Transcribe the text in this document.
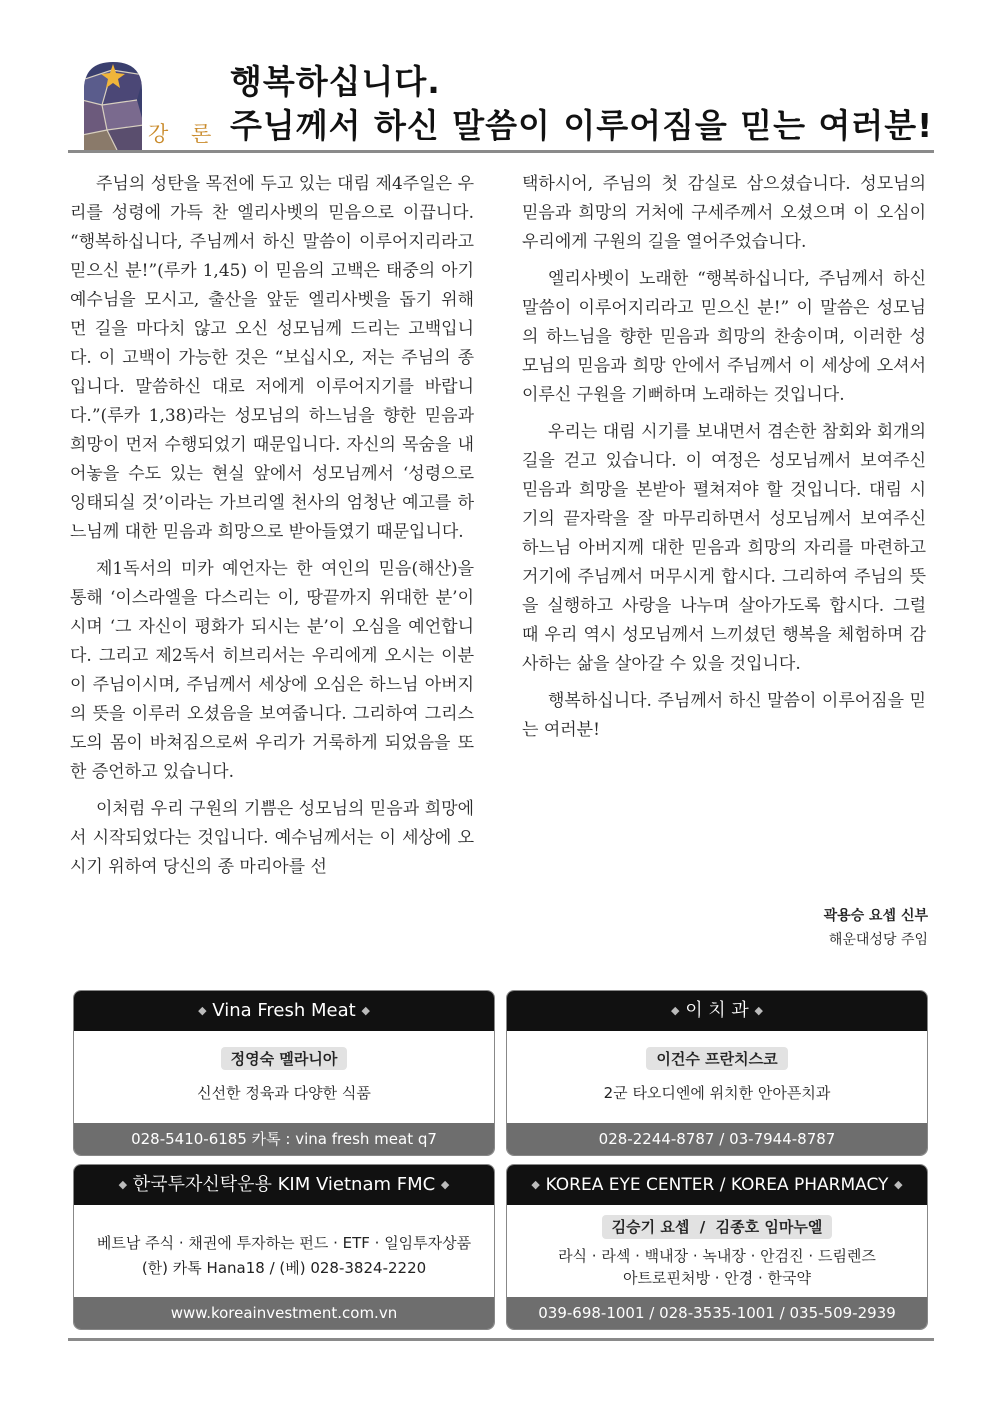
강 론
행복하십니다.
주님께서 하신 말씀이 이루어짐을 믿는 여러분!

주님의 성탄을 목전에 두고 있는 대림 제4주일은 우리를 성령에 가득 찬 엘리사벳의 믿음으로 이끕니다. “행복하십니다, 주님께서 하신 말씀이 이루어지리라고 믿으신 분!”(루카 1,45) 이 믿음의 고백은 태중의 아기 예수님을 모시고, 출산을 앞둔 엘리사벳을 돕기 위해 먼 길을 마다치 않고 오신 성모님께 드리는 고백입니다. 이 고백이 가능한 것은 “보십시오, 저는 주님의 종입니다. 말씀하신 대로 저에게 이루어지기를 바랍니다.”(루카 1,38)라는 성모님의 하느님을 향한 믿음과 희망이 먼저 수행되었기 때문입니다. 자신의 목숨을 내어놓을 수도 있는 현실 앞에서 성모님께서 ‘성령으로 잉태되실 것’이라는 가브리엘 천사의 엄청난 예고를 하느님께 대한 믿음과 희망으로 받아들였기 때문입니다.

제1독서의 미카 예언자는 한 여인의 믿음(해산)을 통해 ‘이스라엘을 다스리는 이, 땅끝까지 위대한 분’이시며 ‘그 자신이 평화가 되시는 분’이 오심을 예언합니다. 그리고 제2독서 히브리서는 우리에게 오시는 이분이 주님이시며, 주님께서 세상에 오심은 하느님 아버지의 뜻을 이루러 오셨음을 보여줍니다. 그리하여 그리스도의 몸이 바쳐짐으로써 우리가 거룩하게 되었음을 또한 증언하고 있습니다.

이처럼 우리 구원의 기쁨은 성모님의 믿음과 희망에서 시작되었다는 것입니다. 예수님께서는 이 세상에 오시기 위하여 당신의 종 마리아를 선

택하시어, 주님의 첫 감실로 삼으셨습니다. 성모님의 믿음과 희망의 거처에 구세주께서 오셨으며 이 오심이 우리에게 구원의 길을 열어주었습니다.

엘리사벳이 노래한 “행복하십니다, 주님께서 하신 말씀이 이루어지리라고 믿으신 분!” 이 말씀은 성모님의 하느님을 향한 믿음과 희망의 찬송이며, 이러한 성모님의 믿음과 희망 안에서 주님께서 이 세상에 오셔서 이루신 구원을 기뻐하며 노래하는 것입니다.

우리는 대림 시기를 보내면서 겸손한 참회와 회개의 길을 걷고 있습니다. 이 여정은 성모님께서 보여주신 믿음과 희망을 본받아 펼쳐져야 할 것입니다. 대림 시기의 끝자락을 잘 마무리하면서 성모님께서 보여주신 하느님 아버지께 대한 믿음과 희망의 자리를 마련하고 거기에 주님께서 머무시게 합시다. 그리하여 주님의 뜻을 실행하고 사랑을 나누며 살아가도록 합시다. 그럴 때 우리 역시 성모님께서 느끼셨던 행복을 체험하며 감사하는 삶을 살아갈 수 있을 것입니다.

행복하십니다. 주님께서 하신 말씀이 이루어짐을 믿는 여러분!

곽용승 요셉 신부
해운대성당 주임
◆ Vina Fresh Meat ◆
정영숙 멜라니아
신선한 정육과 다양한 식품
028-5410-6185 카톡 : vina fresh meat q7
◆ 이 치 과 ◆
이건수 프란치스코
2군 타오디엔에 위치한 안아픈치과
028-2244-8787 / 03-7944-8787
◆ 한국투자신탁운용 KIM Vietnam FMC ◆
베트남 주식 · 채권에 투자하는 펀드 · ETF · 일임투자상품
(한) 카톡 Hana18 / (베) 028-3824-2220
www.koreainvestment.com.vn
◆ KOREA EYE CENTER / KOREA PHARMACY ◆
김승기 요셉  /  김종호 임마누엘
라식 · 라섹 · 백내장 · 녹내장 · 안검진 · 드림렌즈
아트로핀처방 · 안경 · 한국약
039-698-1001 / 028-3535-1001 / 035-509-2939
